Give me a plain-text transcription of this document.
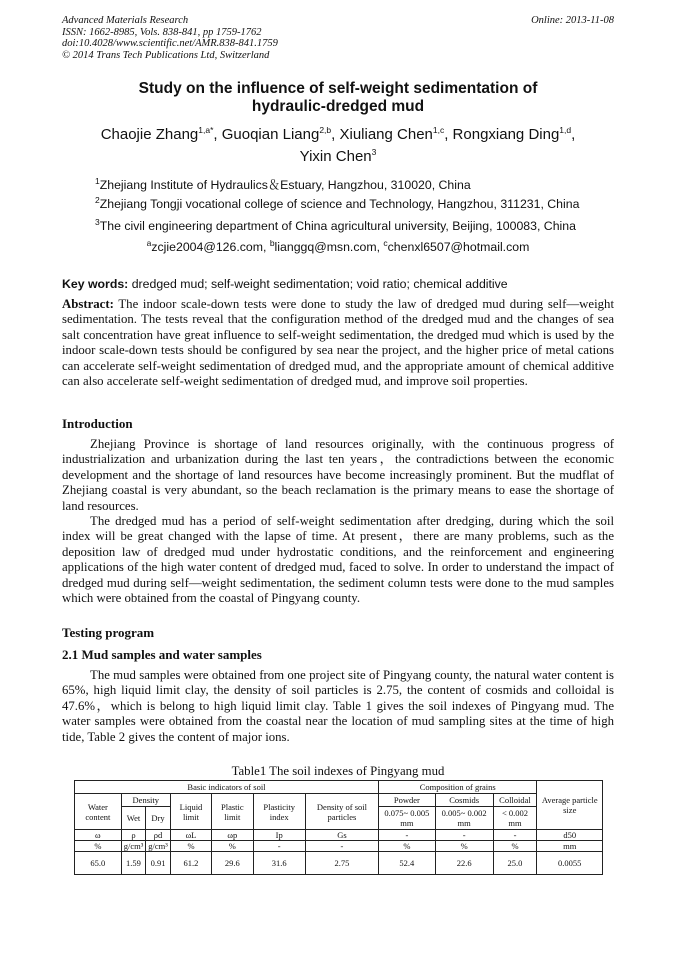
Advanced Materials Research
ISSN: 1662-8985, Vols. 838-841, pp 1759-1762
doi:10.4028/www.scientific.net/AMR.838-841.1759
© 2014 Trans Tech Publications Ltd, Switzerland
Online: 2013-11-08
Study on the influence of self-weight sedimentation of
hydraulic-dredged mud
Chaojie Zhang$^{1,a*}$, Guoqian Liang$^{2,b}$, Xiuliang Chen$^{1,c}$, Rongxiang Ding$^{1,d}$,
Yixin Chen$^3$
$^1$Zhejiang Institute of Hydraulics＆Estuary, Hangzhou, 310020, China
$^2$Zhejiang Tongji vocational college of science and Technology, Hangzhou, 311231, China
$^3$The civil engineering department of China agricultural university, Beijing, 100083, China
$^a$zcjie2004@126.com, $^b$lianggq@msn.com, $^c$chenxl6507@hotmail.com
Key words: dredged mud; self-weight sedimentation; void ratio; chemical additive

Abstract: The indoor scale-down tests were done to study the law of dredged mud during self—weight sedimentation. The tests reveal that the configuration method of the dredged mud and the changes of sea salt concentration have great influence to self-weight sedimentation, the dredged mud which is used by the indoor scale-down tests should be configured by sea near the project, and the higher price of metal cations can accelerate self-weight sedimentation of dredged mud, and the appropriate amount of chemical additive can also accelerate self-weight sedimentation of dredged mud, and improve soil properties.

Introduction

Zhejiang Province is shortage of land resources originally, with the continuous progress of industrialization and urbanization during the last ten years，the contradictions between the economic development and the shortage of land resources have become increasingly prominent. But the mudflat of Zhejiang coastal is very abundant, so the beach reclamation is the primary means to ease the shortage of land resources.

The dredged mud has a period of self-weight sedimentation after dredging, during which the soil index will be great changed with the lapse of time. At present，there are many problems, such as the deposition law of dredged mud under hydrostatic conditions, and the reinforcement and engineering applications of the high water content of dredged mud, faced to solve. In order to understand the impact of dredged mud during self—weight sedimentation, the sediment column tests were done to the mud samples which were obtained from the coastal of Pingyang county.

Testing program
2.1 Mud samples and water samples

The mud samples were obtained from one project site of Pingyang county, the natural water content is 65%, high liquid limit clay, the density of soil particles is 2.75, the content of cosmids and colloidal is 47.6%，which is belong to high liquid limit clay. Table 1 gives the soil indexes of Pingyang mud. The water samples were obtained from the coastal near the location of mud sampling sites at the time of high tide, Table 2 gives the content of major ions.

Table1 The soil indexes of Pingyang mud
Basic indicators of soil							Composition of grains			Average particle size
Water content	Density		Liquid limit	Plastic limit	Plasticity index	Density of soil particles	Powder	Cosmids	Colloidal	
	Wet	Dry					0.075~ 0.005 mm	0.005~ 0.002 mm	< 0.002 mm	
ω	ρ	ρd	ωL	ωp	Ip	Gs	-	-	-	d50
%	g/cm³	g/cm³	%	%	-	-	%	%	%	mm
65.0	1.59	0.91	61.2	29.6	31.6	2.75	52.4	22.6	25.0	0.0055
